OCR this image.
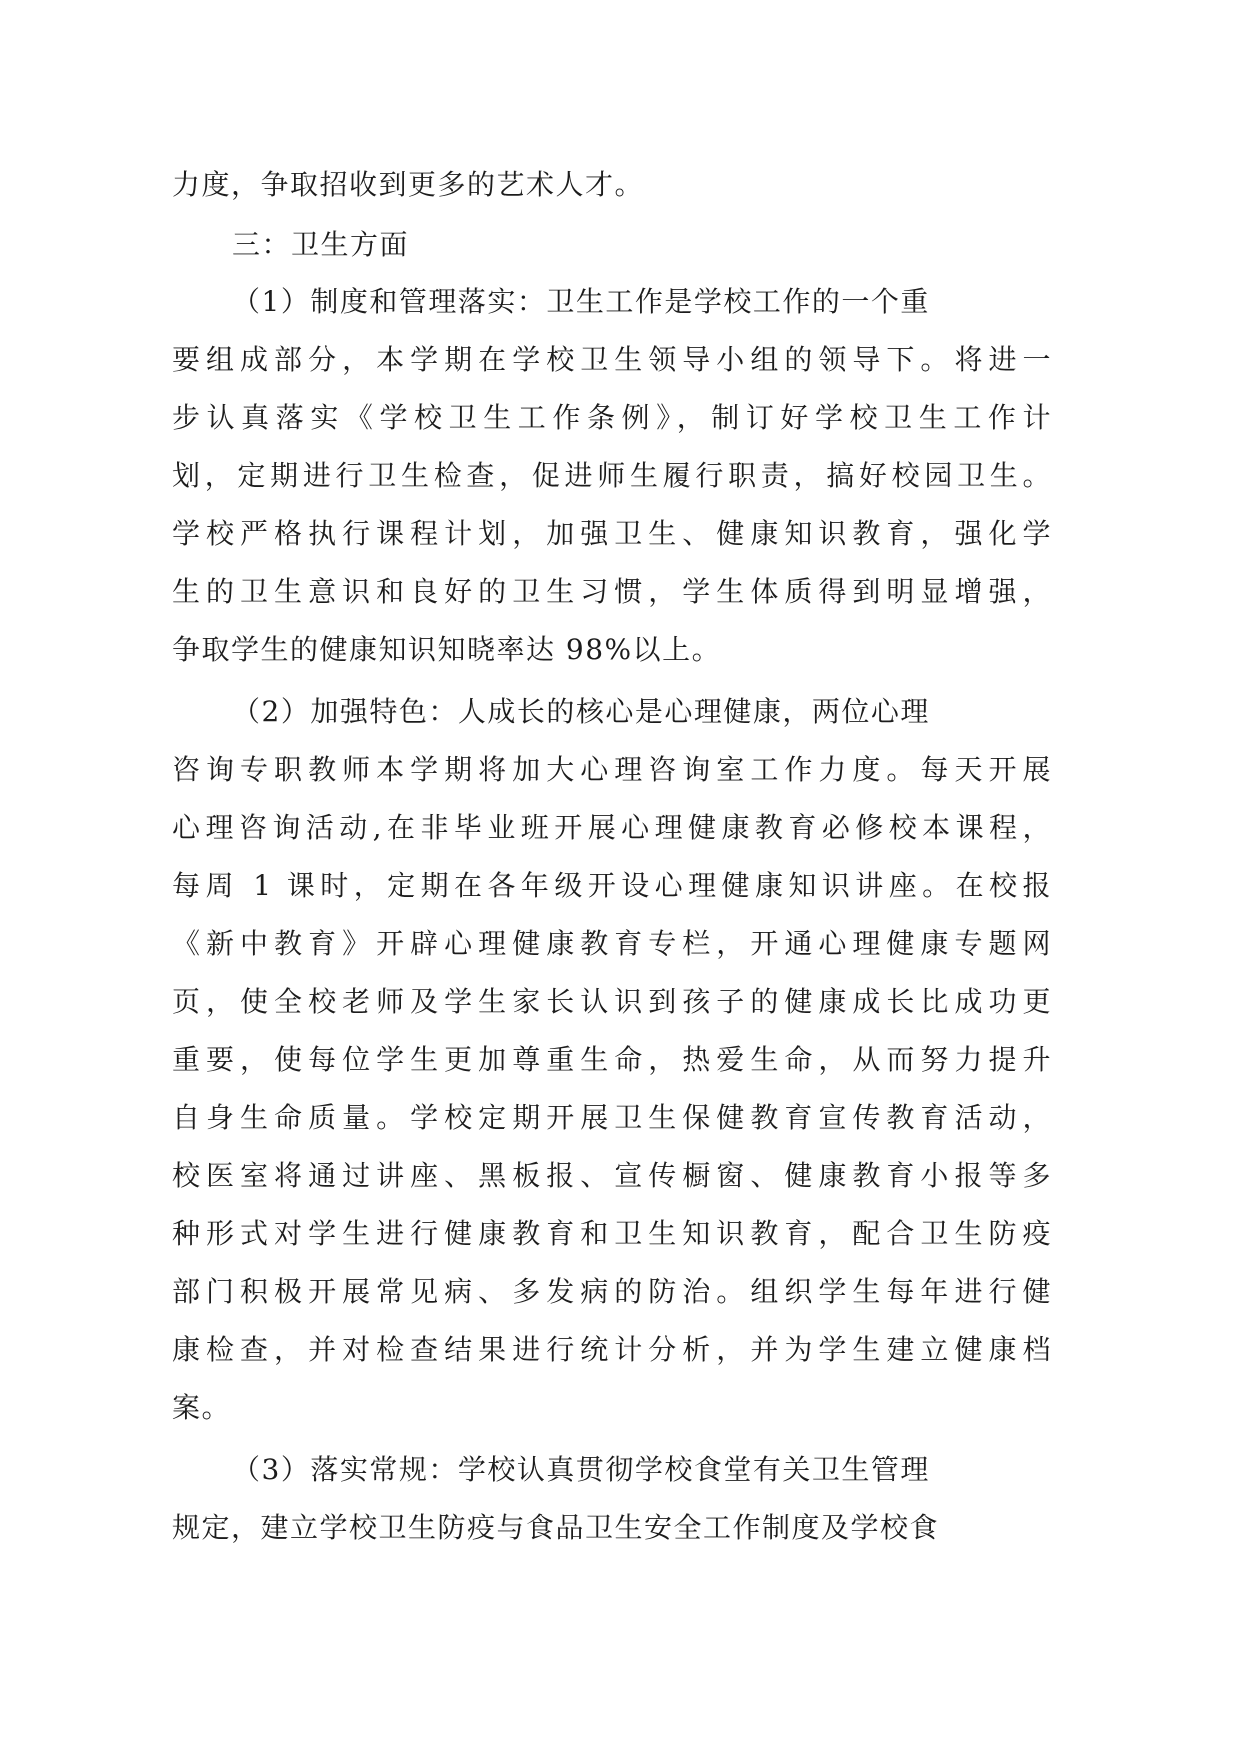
力度，争取招收到更多的艺术人才。
三：卫生方面
（1）制度和管理落实：卫生工作是学校工作的一个重
要组成部分，本学期在学校卫生领导小组的领导下。将进一
步认真落实《学校卫生工作条例》，制订好学校卫生工作计
划，定期进行卫生检查，促进师生履行职责，搞好校园卫生。
学校严格执行课程计划，加强卫生、健康知识教育，强化学
生的卫生意识和良好的卫生习惯，学生体质得到明显增强，
争取学生的健康知识知晓率达 98%以上。
（2）加强特色：人成长的核心是心理健康，两位心理
咨询专职教师本学期将加大心理咨询室工作力度。每天开展
心理咨询活动,在非毕业班开展心理健康教育必修校本课程，
每周 1 课时，定期在各年级开设心理健康知识讲座。在校报
《新中教育》开辟心理健康教育专栏，开通心理健康专题网
页，使全校老师及学生家长认识到孩子的健康成长比成功更
重要，使每位学生更加尊重生命，热爱生命，从而努力提升
自身生命质量。学校定期开展卫生保健教育宣传教育活动，
校医室将通过讲座、黑板报、宣传橱窗、健康教育小报等多
种形式对学生进行健康教育和卫生知识教育，配合卫生防疫
部门积极开展常见病、多发病的防治。组织学生每年进行健
康检查，并对检查结果进行统计分析，并为学生建立健康档
案。
（3）落实常规：学校认真贯彻学校食堂有关卫生管理
规定，建立学校卫生防疫与食品卫生安全工作制度及学校食
